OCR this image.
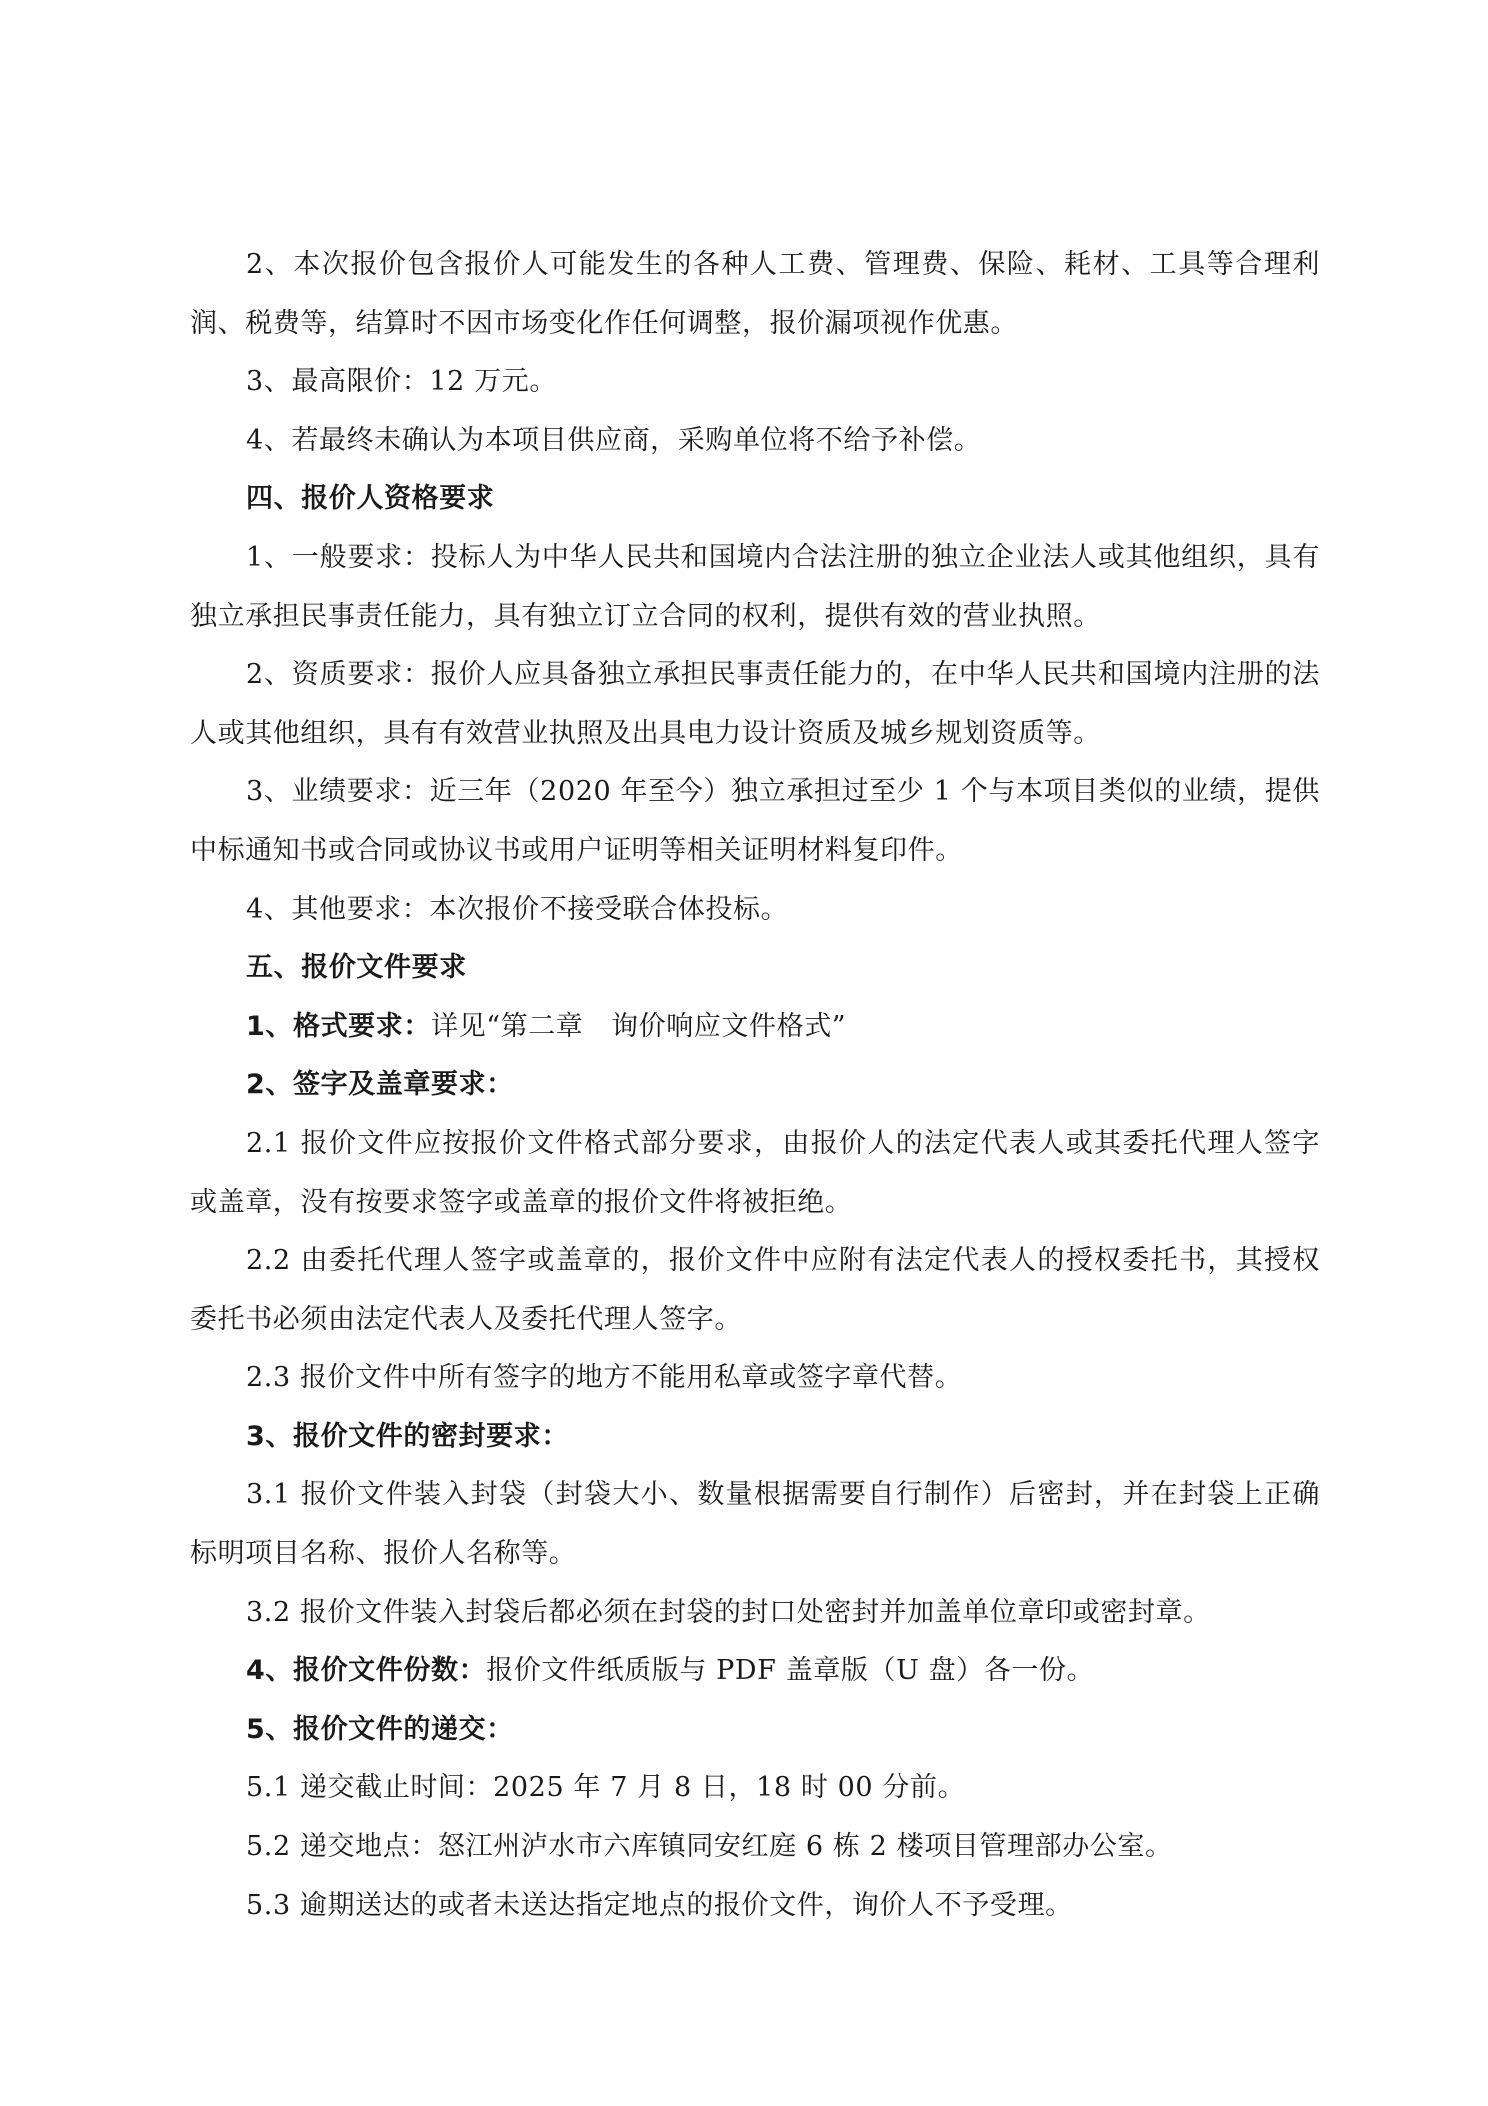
2、本次报价包含报价人可能发生的各种人工费、管理费、保险、耗材、工具等合理利润、税费等，结算时不因市场变化作任何调整，报价漏项视作优惠。

3、最高限价：12 万元。

4、若最终未确认为本项目供应商，采购单位将不给予补偿。

四、报价人资格要求

1、一般要求：投标人为中华人民共和国境内合法注册的独立企业法人或其他组织，具有独立承担民事责任能力，具有独立订立合同的权利，提供有效的营业执照。

2、资质要求：报价人应具备独立承担民事责任能力的，在中华人民共和国境内注册的法人或其他组织，具有有效营业执照及出具电力设计资质及城乡规划资质等。

3、业绩要求：近三年（2020 年至今）独立承担过至少 1 个与本项目类似的业绩，提供中标通知书或合同或协议书或用户证明等相关证明材料复印件。

4、其他要求：本次报价不接受联合体投标。

五、报价文件要求

1、格式要求：详见“第二章　询价响应文件格式”

2、签字及盖章要求：

2.1 报价文件应按报价文件格式部分要求，由报价人的法定代表人或其委托代理人签字或盖章，没有按要求签字或盖章的报价文件将被拒绝。

2.2 由委托代理人签字或盖章的，报价文件中应附有法定代表人的授权委托书，其授权委托书必须由法定代表人及委托代理人签字。

2.3 报价文件中所有签字的地方不能用私章或签字章代替。

3、报价文件的密封要求：

3.1 报价文件装入封袋（封袋大小、数量根据需要自行制作）后密封，并在封袋上正确标明项目名称、报价人名称等。

3.2 报价文件装入封袋后都必须在封袋的封口处密封并加盖单位章印或密封章。

4、报价文件份数：报价文件纸质版与 PDF 盖章版（U 盘）各一份。

5、报价文件的递交：

5.1 递交截止时间：2025 年 7 月 8 日，18 时 00 分前。

5.2 递交地点：怒江州泸水市六库镇同安红庭 6 栋 2 楼项目管理部办公室。

5.3 逾期送达的或者未送达指定地点的报价文件，询价人不予受理。
